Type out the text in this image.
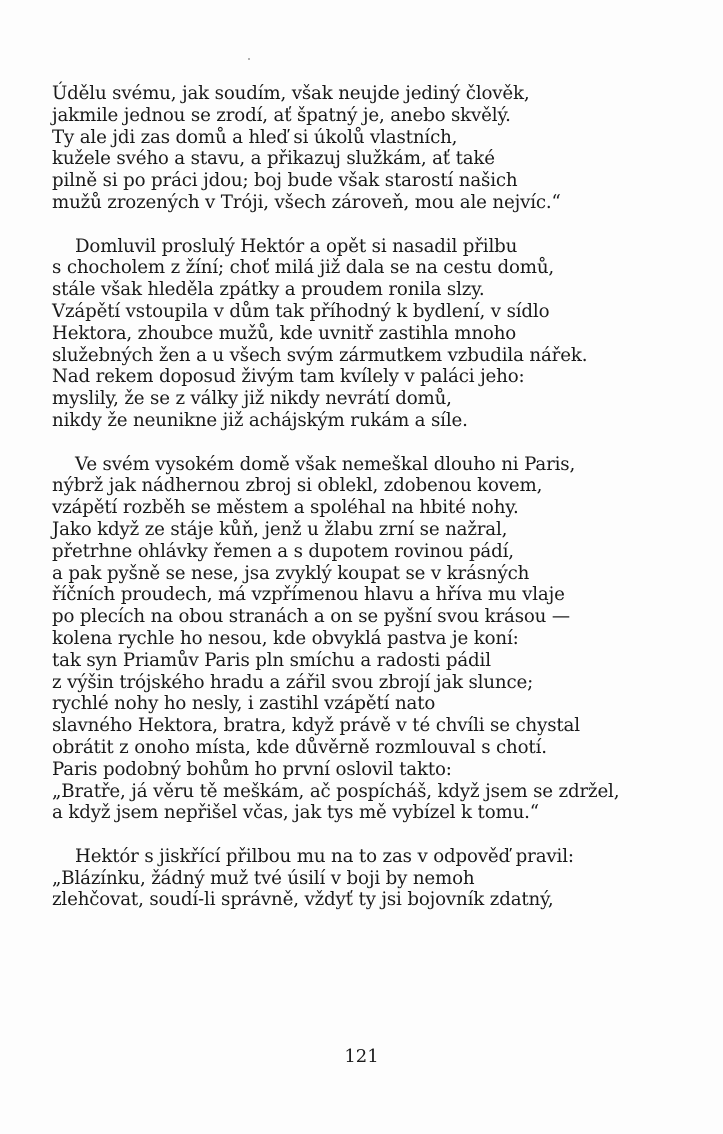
Údělu svému, jak soudím, však neujde jediný člověk,
jakmile jednou se zrodí, ať špatný je, anebo skvělý.
Ty ale jdi zas domů a hleď si úkolů vlastních,
kužele svého a stavu, a přikazuj služkám, ať také
pilně si po práci jdou; boj bude však starostí našich
mužů zrozených v Tróji, všech zároveň, mou ale nejvíc.“
Domluvil proslulý Hektór a opět si nasadil přilbu
s chocholem z žíní; choť milá již dala se na cestu domů,
stále však hleděla zpátky a proudem ronila slzy.
Vzápětí vstoupila v dům tak příhodný k bydlení, v sídlo
Hektora, zhoubce mužů, kde uvnitř zastihla mnoho
služebných žen a u všech svým zármutkem vzbudila nářek.
Nad rekem doposud živým tam kvílely v paláci jeho:
myslily, že se z války již nikdy nevrátí domů,
nikdy že neunikne již achájským rukám a síle.
Ve svém vysokém domě však nemeškal dlouho ni Paris,
nýbrž jak nádhernou zbroj si oblekl, zdobenou kovem,
vzápětí rozběh se městem a spoléhal na hbité nohy.
Jako když ze stáje kůň, jenž u žlabu zrní se nažral,
přetrhne ohlávky řemen a s dupotem rovinou pádí,
a pak pyšně se nese, jsa zvyklý koupat se v krásných
říčních proudech, má vzpřímenou hlavu a hříva mu vlaje
po plecích na obou stranách a on se pyšní svou krásou —
kolena rychle ho nesou, kde obvyklá pastva je koní:
tak syn Priamův Paris pln smíchu a radosti pádil
z výšin trójského hradu a zářil svou zbrojí jak slunce;
rychlé nohy ho nesly, i zastihl vzápětí nato
slavného Hektora, bratra, když právě v té chvíli se chystal
obrátit z onoho místa, kde důvěrně rozmlouval s chotí.
Paris podobný bohům ho první oslovil takto:
„Bratře, já věru tě meškám, ač pospícháš, když jsem se zdržel,
a když jsem nepřišel včas, jak tys mě vybízel k tomu.“
Hektór s jiskřící přilbou mu na to zas v odpověď pravil:
„Blázínku, žádný muž tvé úsilí v boji by nemoh
zlehčovat, soudí-li správně, vždyť ty jsi bojovník zdatný,
121
